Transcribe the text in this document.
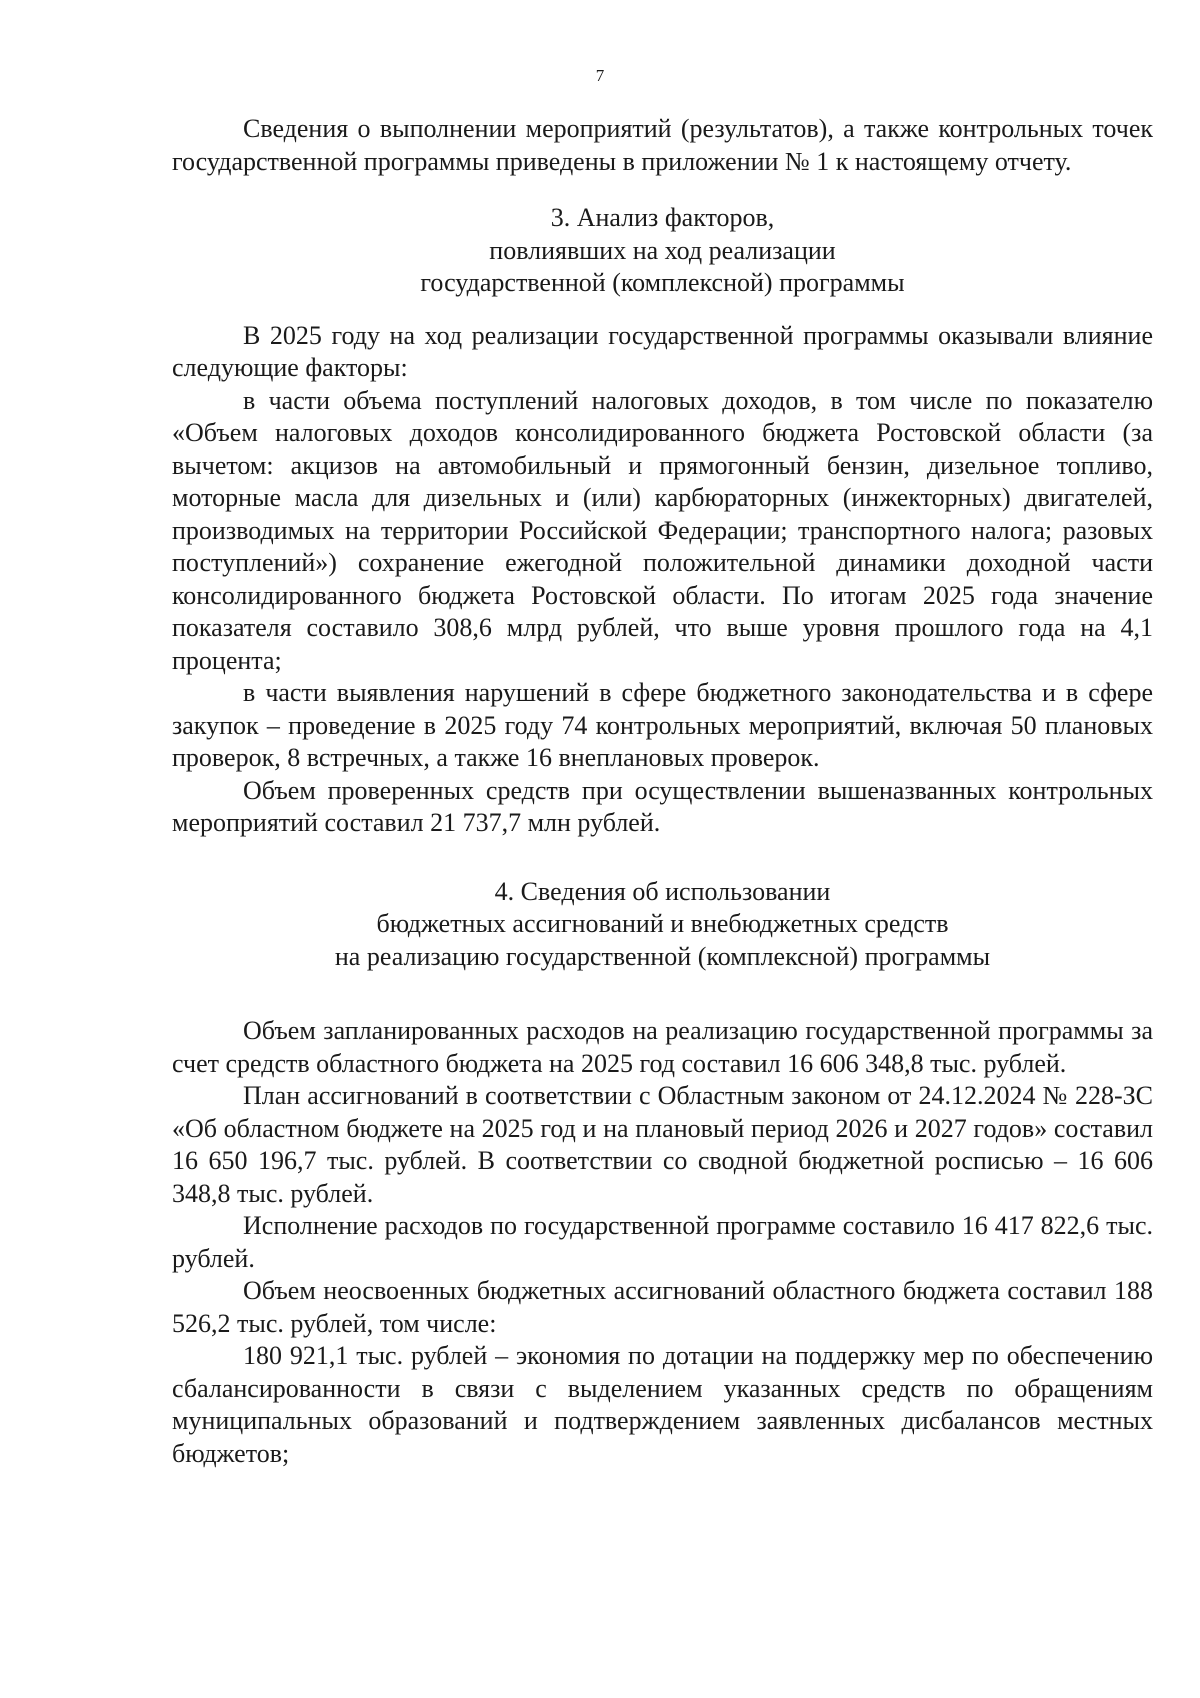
7

Сведения о выполнении мероприятий (результатов), а также контрольных точек государственной программы приведены в приложении № 1 к настоящему отчету.

3. Анализ факторов,
повлиявших на ход реализации
государственной (комплексной) программы

В 2025 году на ход реализации государственной программы оказывали влияние следующие факторы:

в части объема поступлений налоговых доходов, в том числе по показателю «Объем налоговых доходов консолидированного бюджета Ростовской области (за вычетом: акцизов на автомобильный и прямогонный бензин, дизельное топливо, моторные масла для дизельных и (или) карбюраторных (инжекторных) двигателей, производимых на территории Российской Федерации; транспортного налога; разовых поступлений») сохранение ежегодной положительной динамики доходной части консолидированного бюджета Ростовской области. По итогам 2025 года значение показателя составило 308,6 млрд рублей, что выше уровня прошлого года на 4,1 процента;

в части выявления нарушений в сфере бюджетного законодательства и в сфере закупок – проведение в 2025 году 74 контрольных мероприятий, включая 50 плановых проверок, 8 встречных, а также 16 внеплановых проверок.

Объем проверенных средств при осуществлении вышеназванных контрольных мероприятий составил 21 737,7 млн рублей.

4. Сведения об использовании
бюджетных ассигнований и внебюджетных средств
на реализацию государственной (комплексной) программы

Объем запланированных расходов на реализацию государственной программы за счет средств областного бюджета на 2025 год составил 16 606 348,8 тыс. рублей.

План ассигнований в соответствии с Областным законом от 24.12.2024 № 228-ЗС «Об областном бюджете на 2025 год и на плановый период 2026 и 2027 годов» составил 16 650 196,7 тыс. рублей. В соответствии со сводной бюджетной росписью – 16 606 348,8 тыс. рублей.

Исполнение расходов по государственной программе составило 16 417 822,6 тыс. рублей.

Объем неосвоенных бюджетных ассигнований областного бюджета составил 188 526,2 тыс. рублей, том числе:

180 921,1 тыс. рублей – экономия по дотации на поддержку мер по обеспечению сбалансированности в связи с выделением указанных средств по обращениям муниципальных образований и подтверждением заявленных дисбалансов местных бюджетов;
